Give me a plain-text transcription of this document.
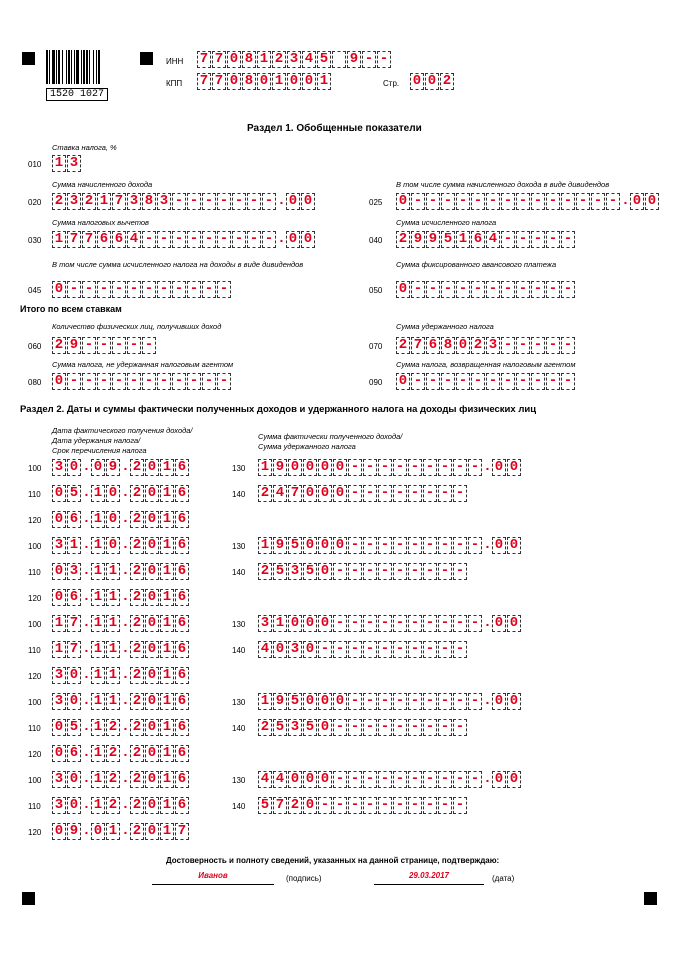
1520 1027
ИНН 7 7 0 8 1 2 3 4 5 9 - -
КПП 7 7 0 8 0 1 0 0 1	Стр. 0 0 2
Раздел 1. Обобщенные показатели
Ставка налога, %
010 1 3
Сумма начисленного дохода
020 2 3 2 1 7 3 8 3 - - - - - - - . 0 0
В том числе сумма начисленного дохода в виде дивидендов
025 0 - - - - - - - - - - - - - - . 0 0
Сумма налоговых вычетов
030 1 7 7 6 6 4 - - - - - - - - - . 0 0
Сумма исчисленного налога
040 2 9 9 5 1 6 4 - - - - -
В том числе сумма исчисленного налога на доходы в виде дивидендов
045 0 - - - - - - - - - - -
Сумма фиксированного авансового платежа
050 0 - - - - - - - - - - -
Итого по всем ставкам
Количество физических лиц, получивших доход
060 2 9 - - - - -
Сумма удержанного налога
070 2 7 6 8 0 2 3 - - - - -
Сумма налога, не удержанная налоговым агентом
080 0 - - - - - - - - - - -
Сумма налога, возвращенная налоговым агентом
090 0 - - - - - - - - - - -
Раздел 2. Даты и суммы фактически полученных доходов и удержанного налога на доходы физических лиц
Дата фактического получения дохода/
Дата удержания налога/
Срок перечисления налога
Сумма фактически полученного дохода/
Сумма удержанного налога
100 3 0 . 0 9 . 2 0 1 6	130 1 9 0 0 0 0 - - - - - - - - - . 0 0
110 0 5 . 1 0 . 2 0 1 6	140 2 4 7 0 0 0 - - - - - - - -
120 0 6 . 1 0 . 2 0 1 6
100 3 1 . 1 0 . 2 0 1 6	130 1 9 5 0 0 0 - - - - - - - - - . 0 0
110 0 3 . 1 1 . 2 0 1 6	140 2 5 3 5 0 - - - - - - - - -
120 0 6 . 1 1 . 2 0 1 6
100 1 7 . 1 1 . 2 0 1 6	130 3 1 0 0 0 - - - - - - - - - - . 0 0
110 1 7 . 1 1 . 2 0 1 6	140 4 0 3 0 - - - - - - - - - -
120 3 0 . 1 1 . 2 0 1 6
100 3 0 . 1 1 . 2 0 1 6	130 1 9 5 0 0 0 - - - - - - - - - . 0 0
110 0 5 . 1 2 . 2 0 1 6	140 2 5 3 5 0 - - - - - - - - -
120 0 6 . 1 2 . 2 0 1 6
100 3 0 . 1 2 . 2 0 1 6	130 4 4 0 0 0 - - - - - - - - - - . 0 0
110 3 0 . 1 2 . 2 0 1 6	140 5 7 2 0 - - - - - - - - - -
120 0 9 . 0 1 . 2 0 1 7
Достоверность и полноту сведений, указанных на данной странице, подтверждаю:
Иванов	(подпись)	29.03.2017	(дата)
